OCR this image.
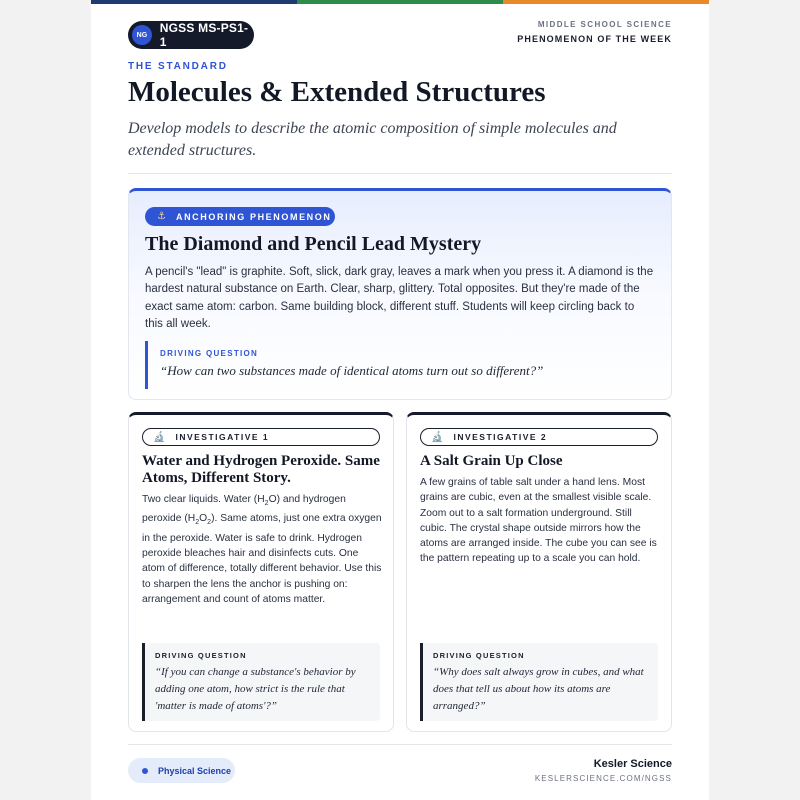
NG	NGSS MS-PS1-1
MIDDLE SCHOOL SCIENCE
PHENOMENON OF THE WEEK
THE STANDARD
Molecules & Extended Structures
Develop models to describe the atomic composition of simple molecules and extended structures.
⚓ ANCHORING PHENOMENON
The Diamond and Pencil Lead Mystery
A pencil's "lead" is graphite. Soft, slick, dark gray, leaves a mark when you press it. A diamond is the hardest natural substance on Earth. Clear, sharp, glittery. Total opposites. But they're made of the exact same atom: carbon. Same building block, different stuff. Students will keep circling back to this all week.
DRIVING QUESTION
“How can two substances made of identical atoms turn out so different?”
🔬 INVESTIGATIVE 1
Water and Hydrogen Peroxide. Same Atoms, Different Story.
Two clear liquids. Water $(H_2O)$ and hydrogen peroxide $(H_2O_2)$. Same atoms, just one extra oxygen in the peroxide. Water is safe to drink. Hydrogen peroxide bleaches hair and disinfects cuts. One atom of difference, totally different behavior. Use this to sharpen the lens the anchor is pushing on: arrangement and count of atoms matter.
DRIVING QUESTION
“If you can change a substance's behavior by adding one atom, how strict is the rule that 'matter is made of atoms'?”
🔬 INVESTIGATIVE 2
A Salt Grain Up Close
A few grains of table salt under a hand lens. Most grains are cubic, even at the smallest visible scale. Zoom out to a salt formation underground. Still cubic. The crystal shape outside mirrors how the atoms are arranged inside. The cube you can see is the pattern repeating up to a scale you can hold.
DRIVING QUESTION
“Why does salt always grow in cubes, and what does that tell us about how its atoms are arranged?”
Physical Science
Kesler Science
KESLERSCIENCE.COM/NGSS
